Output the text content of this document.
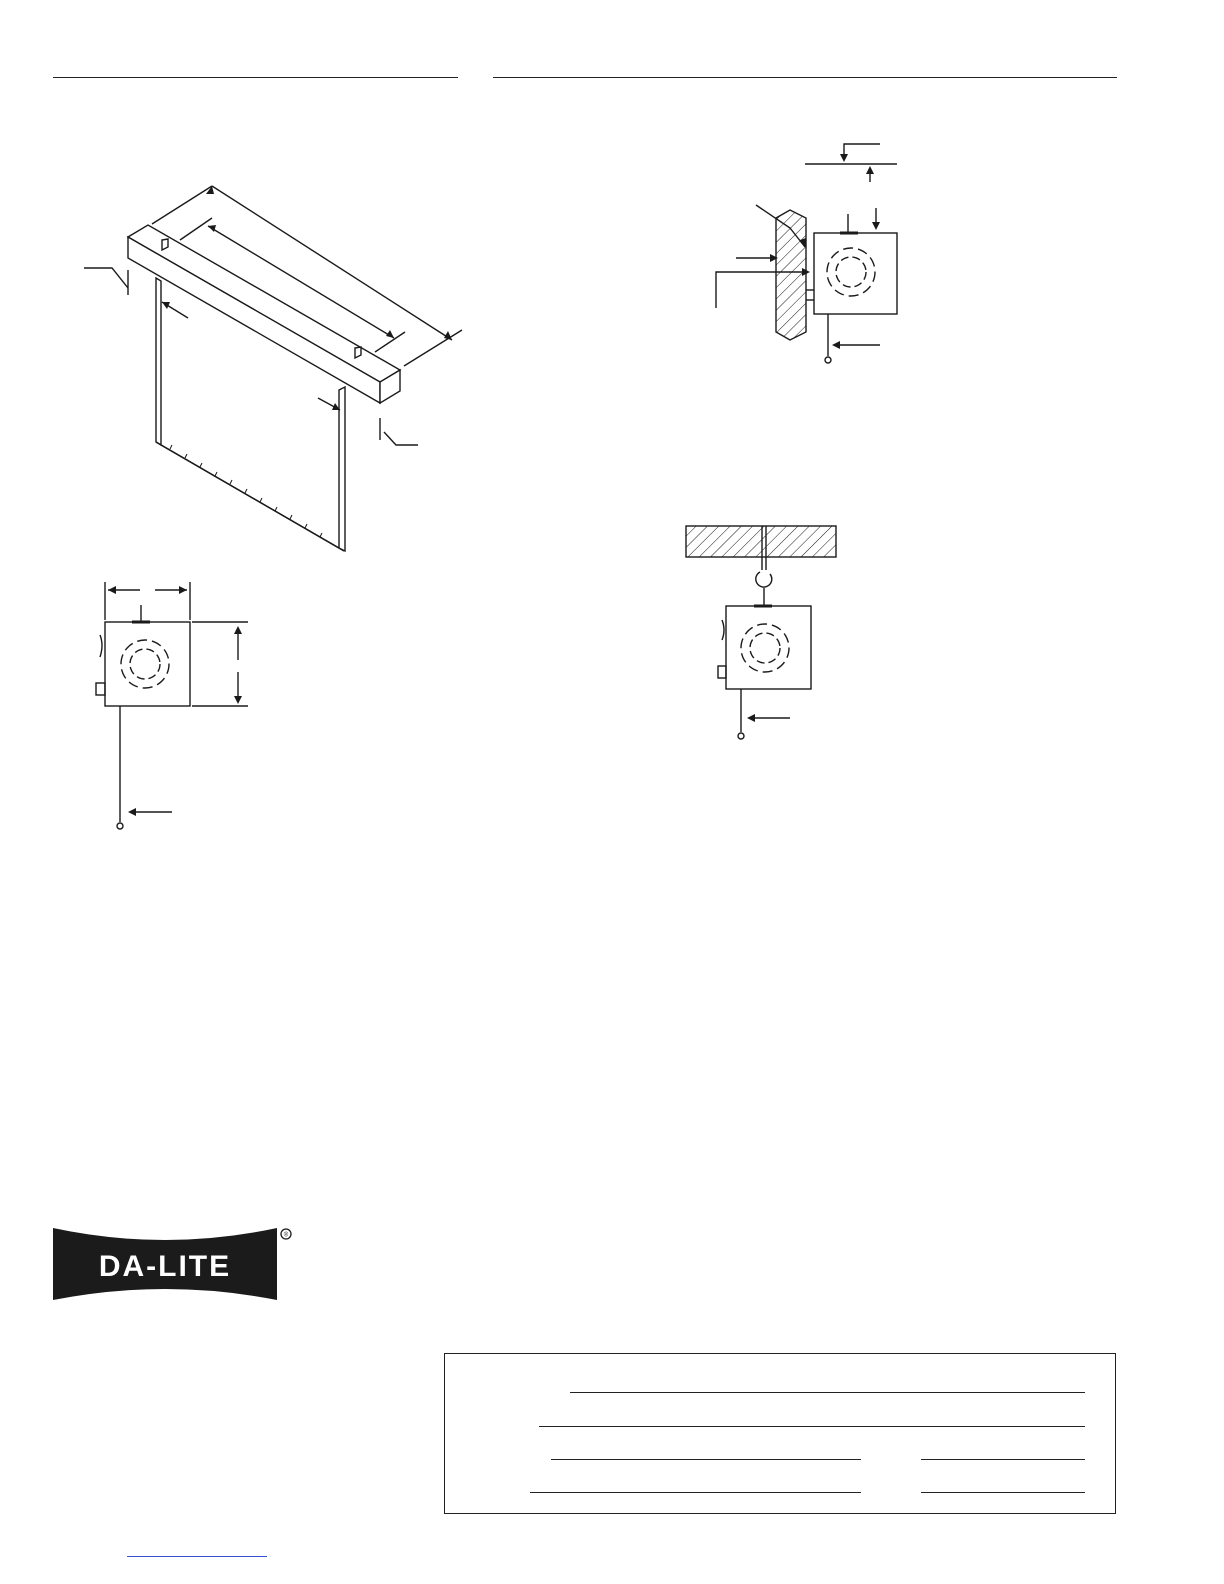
®
DA-LITE
